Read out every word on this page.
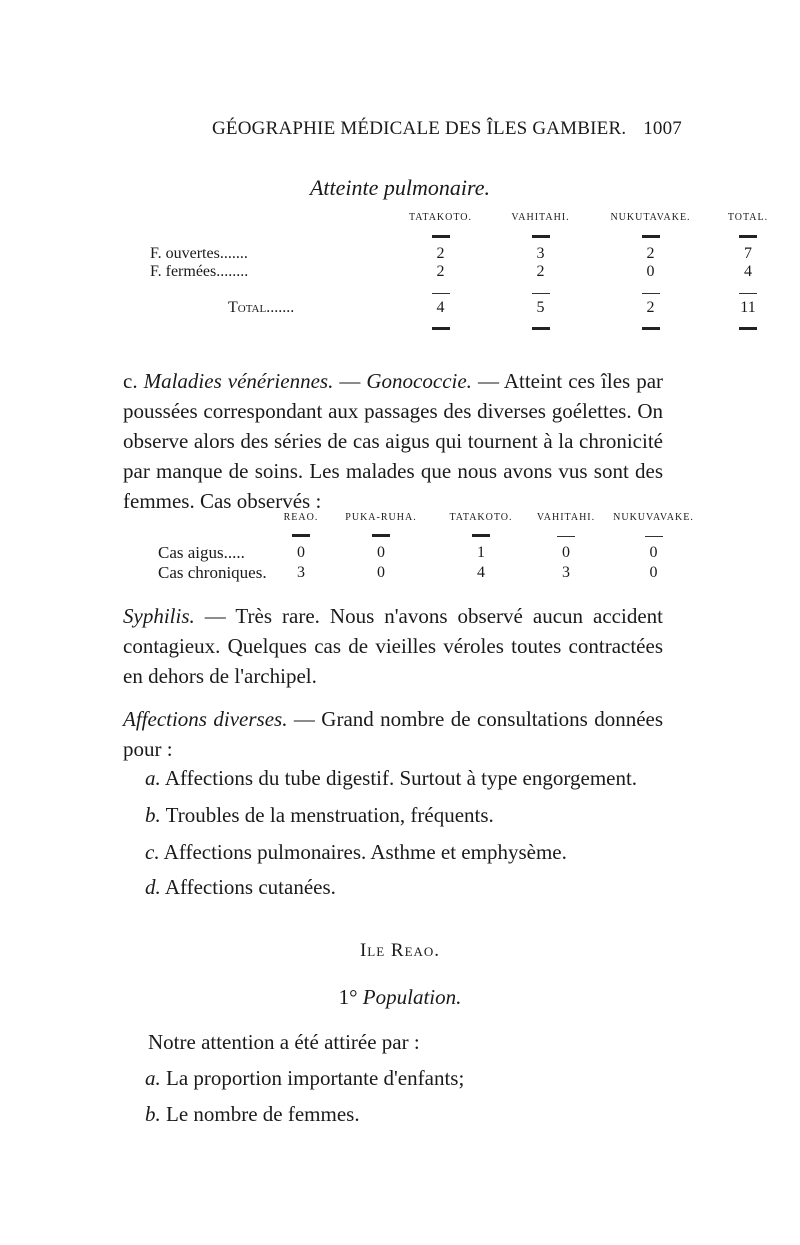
GÉOGRAPHIE MÉDICALE DES ÎLES GAMBIER. 1007
Atteinte pulmonaire.
	TATAKOTO.	VAHITAHI.	NUKUTAVAKE.	TOTAL.

F. ouvertes.......	2	3	2	7
F. fermées........	2	2	0	4

Total.......	4	5	2	11

c. Maladies vénériennes. — Gonococcie. — Atteint ces îles par poussées correspondant aux passages des diverses goélettes. On observe alors des séries de cas aigus qui tournent à la chronicité par manque de soins. Les malades que nous avons vus sont des femmes. Cas observés :
	REAO.	PUKA-RUHA.	TATAKOTO.	VAHITAHI.	NUKUVAVAKE.

Cas aigus.....	0	0	1	0	0
Cas chroniques.	3	0	4	3	0
Syphilis. — Très rare. Nous n'avons observé aucun accident contagieux. Quelques cas de vieilles véroles toutes contractées en dehors de l'archipel.
Affections diverses. — Grand nombre de consultations données pour :
a. Affections du tube digestif. Surtout à type engorgement.
b. Troubles de la menstruation, fréquents.
c. Affections pulmonaires. Asthme et emphysème.
d. Affections cutanées.
Ile Reao.
1° Population.
Notre attention a été attirée par :
a. La proportion importante d'enfants;
b. Le nombre de femmes.
